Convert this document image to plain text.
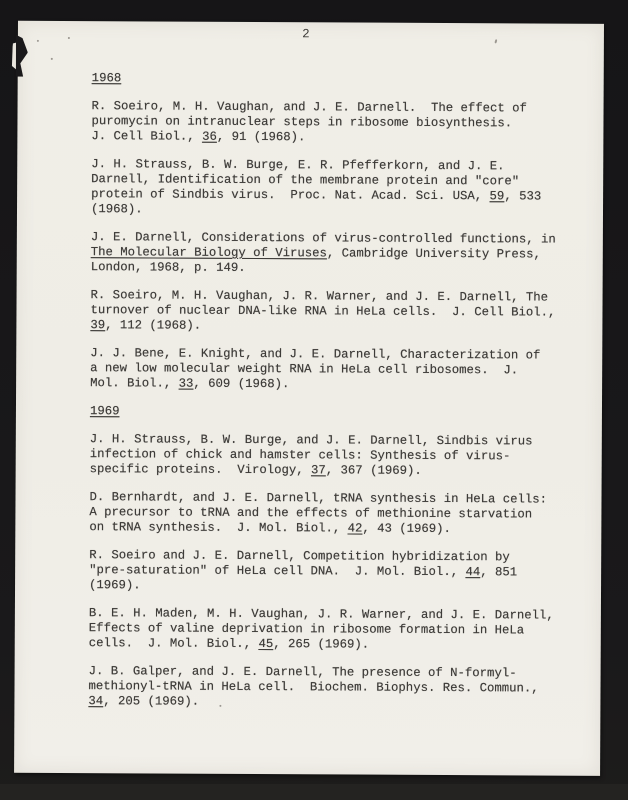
2
1968
R. Soeiro, M. H. Vaughan, and J. E. Darnell.  The effect of
puromycin on intranuclear steps in ribosome biosynthesis.
J. Cell Biol., 36, 91 (1968).
J. H. Strauss, B. W. Burge, E. R. Pfefferkorn, and J. E.
Darnell, Identification of the membrane protein and "core"
protein of Sindbis virus.  Proc. Nat. Acad. Sci. USA, 59, 533
(1968).
J. E. Darnell, Considerations of virus-controlled functions, in
The Molecular Biology of Viruses, Cambridge University Press,
London, 1968, p. 149.
R. Soeiro, M. H. Vaughan, J. R. Warner, and J. E. Darnell, The
turnover of nuclear DNA-like RNA in HeLa cells.  J. Cell Biol.,
39, 112 (1968).
J. J. Bene, E. Knight, and J. E. Darnell, Characterization of
a new low molecular weight RNA in HeLa cell ribosomes.  J.
Mol. Biol., 33, 609 (1968).
1969
J. H. Strauss, B. W. Burge, and J. E. Darnell, Sindbis virus
infection of chick and hamster cells: Synthesis of virus-
specific proteins.  Virology, 37, 367 (1969).
D. Bernhardt, and J. E. Darnell, tRNA synthesis in HeLa cells:
A precursor to tRNA and the effects of methionine starvation
on tRNA synthesis.  J. Mol. Biol., 42, 43 (1969).
R. Soeiro and J. E. Darnell, Competition hybridization by
"pre-saturation" of HeLa cell DNA.  J. Mol. Biol., 44, 851
(1969).
B. E. H. Maden, M. H. Vaughan, J. R. Warner, and J. E. Darnell,
Effects of valine deprivation in ribosome formation in HeLa
cells.  J. Mol. Biol., 45, 265 (1969).
J. B. Galper, and J. E. Darnell, The presence of N-formyl-
methionyl-tRNA in HeLa cell.  Biochem. Biophys. Res. Commun.,
34, 205 (1969).
